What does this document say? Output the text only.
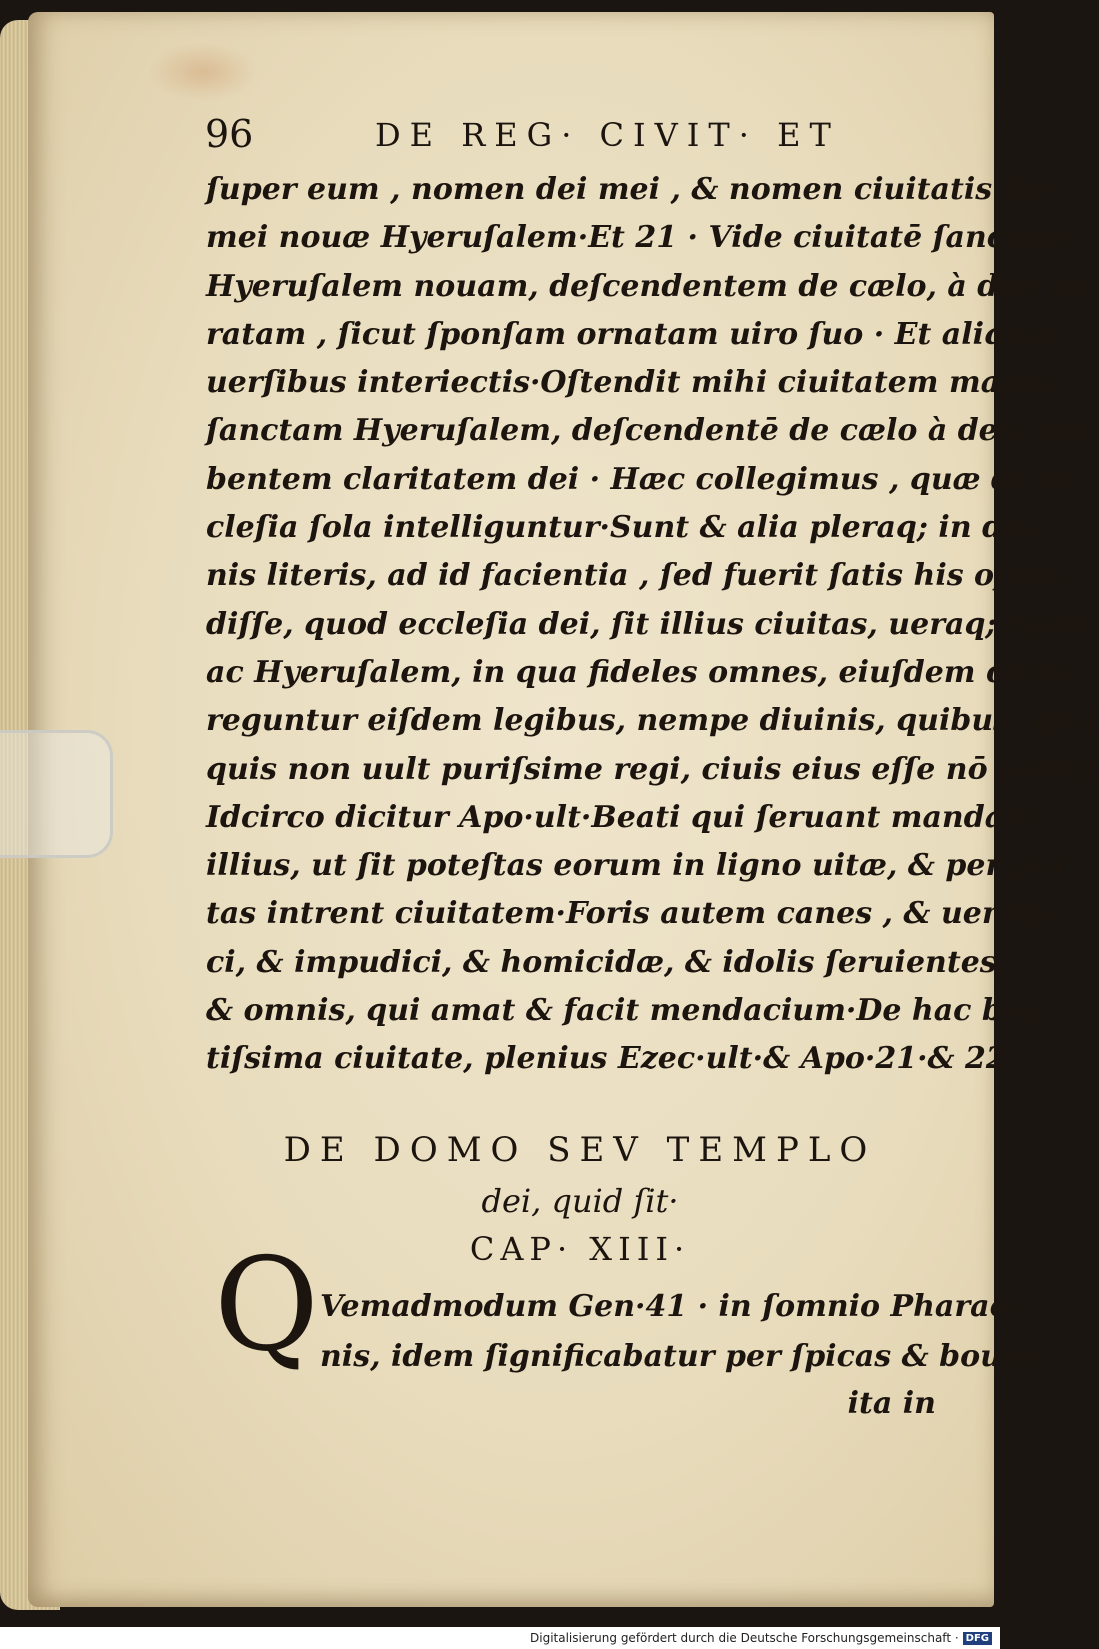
96	DE REG· CIVIT· ET
ſuper eum , nomen dei mei , & nomen ciuitatis dei
mei nouæ Hyeruſalem·Et 21 · Vide ciuitatē ſanctam
Hyeruſalem nouam, deſcendentem de cælo, à deo pa
ratam , ſicut ſponſam ornatam uiro ſuo · Et aliquot
uerſibus interiectis·Oſtendit mihi ciuitatem magnā
ſanctam Hyeruſalem, deſcendentē de cælo à deo, ha-
bentem claritatem dei · Hæc collegimus , quæ de ec-
cleſia ſola intelliguntur·Sunt & alia pleraq; in diui
nis literis, ad id facientia , ſed fuerit ſatis his oſten-
diſſe, quod eccleſia dei, ſit illius ciuitas, ueraq; Syon
ac Hyeruſalem, in qua fideles omnes, eiuſdem ciues,
reguntur eiſdem legibus, nempe diuinis, quibus, quiſ
quis non uult puriſsime regi, ciuis eius eſſe nō poteſt
Idcirco dicitur Apo·ult·Beati qui ſeruant mandata
illius, ut ſit poteſtas eorum in ligno uitæ, & per por
tas intrent ciuitatem·Foris autem canes , & uenefi-
ci, & impudici, & homicidæ, & idolis ſeruientes,
& omnis, qui amat & facit mendacium·De hac bea
tiſsima ciuitate, plenius Ezec·ult·& Apo·21·& 22·
DE DOMO SEV TEMPLO
dei, quid ſit·
CAP· XIII·
Q Vemadmodum Gen·41 · in ſomnio Pharao-
nis, idem ſignificabatur per ſpicas & boues
ita in
Digitalisierung gefördert durch die Deutsche Forschungsgemeinschaft · DFG
